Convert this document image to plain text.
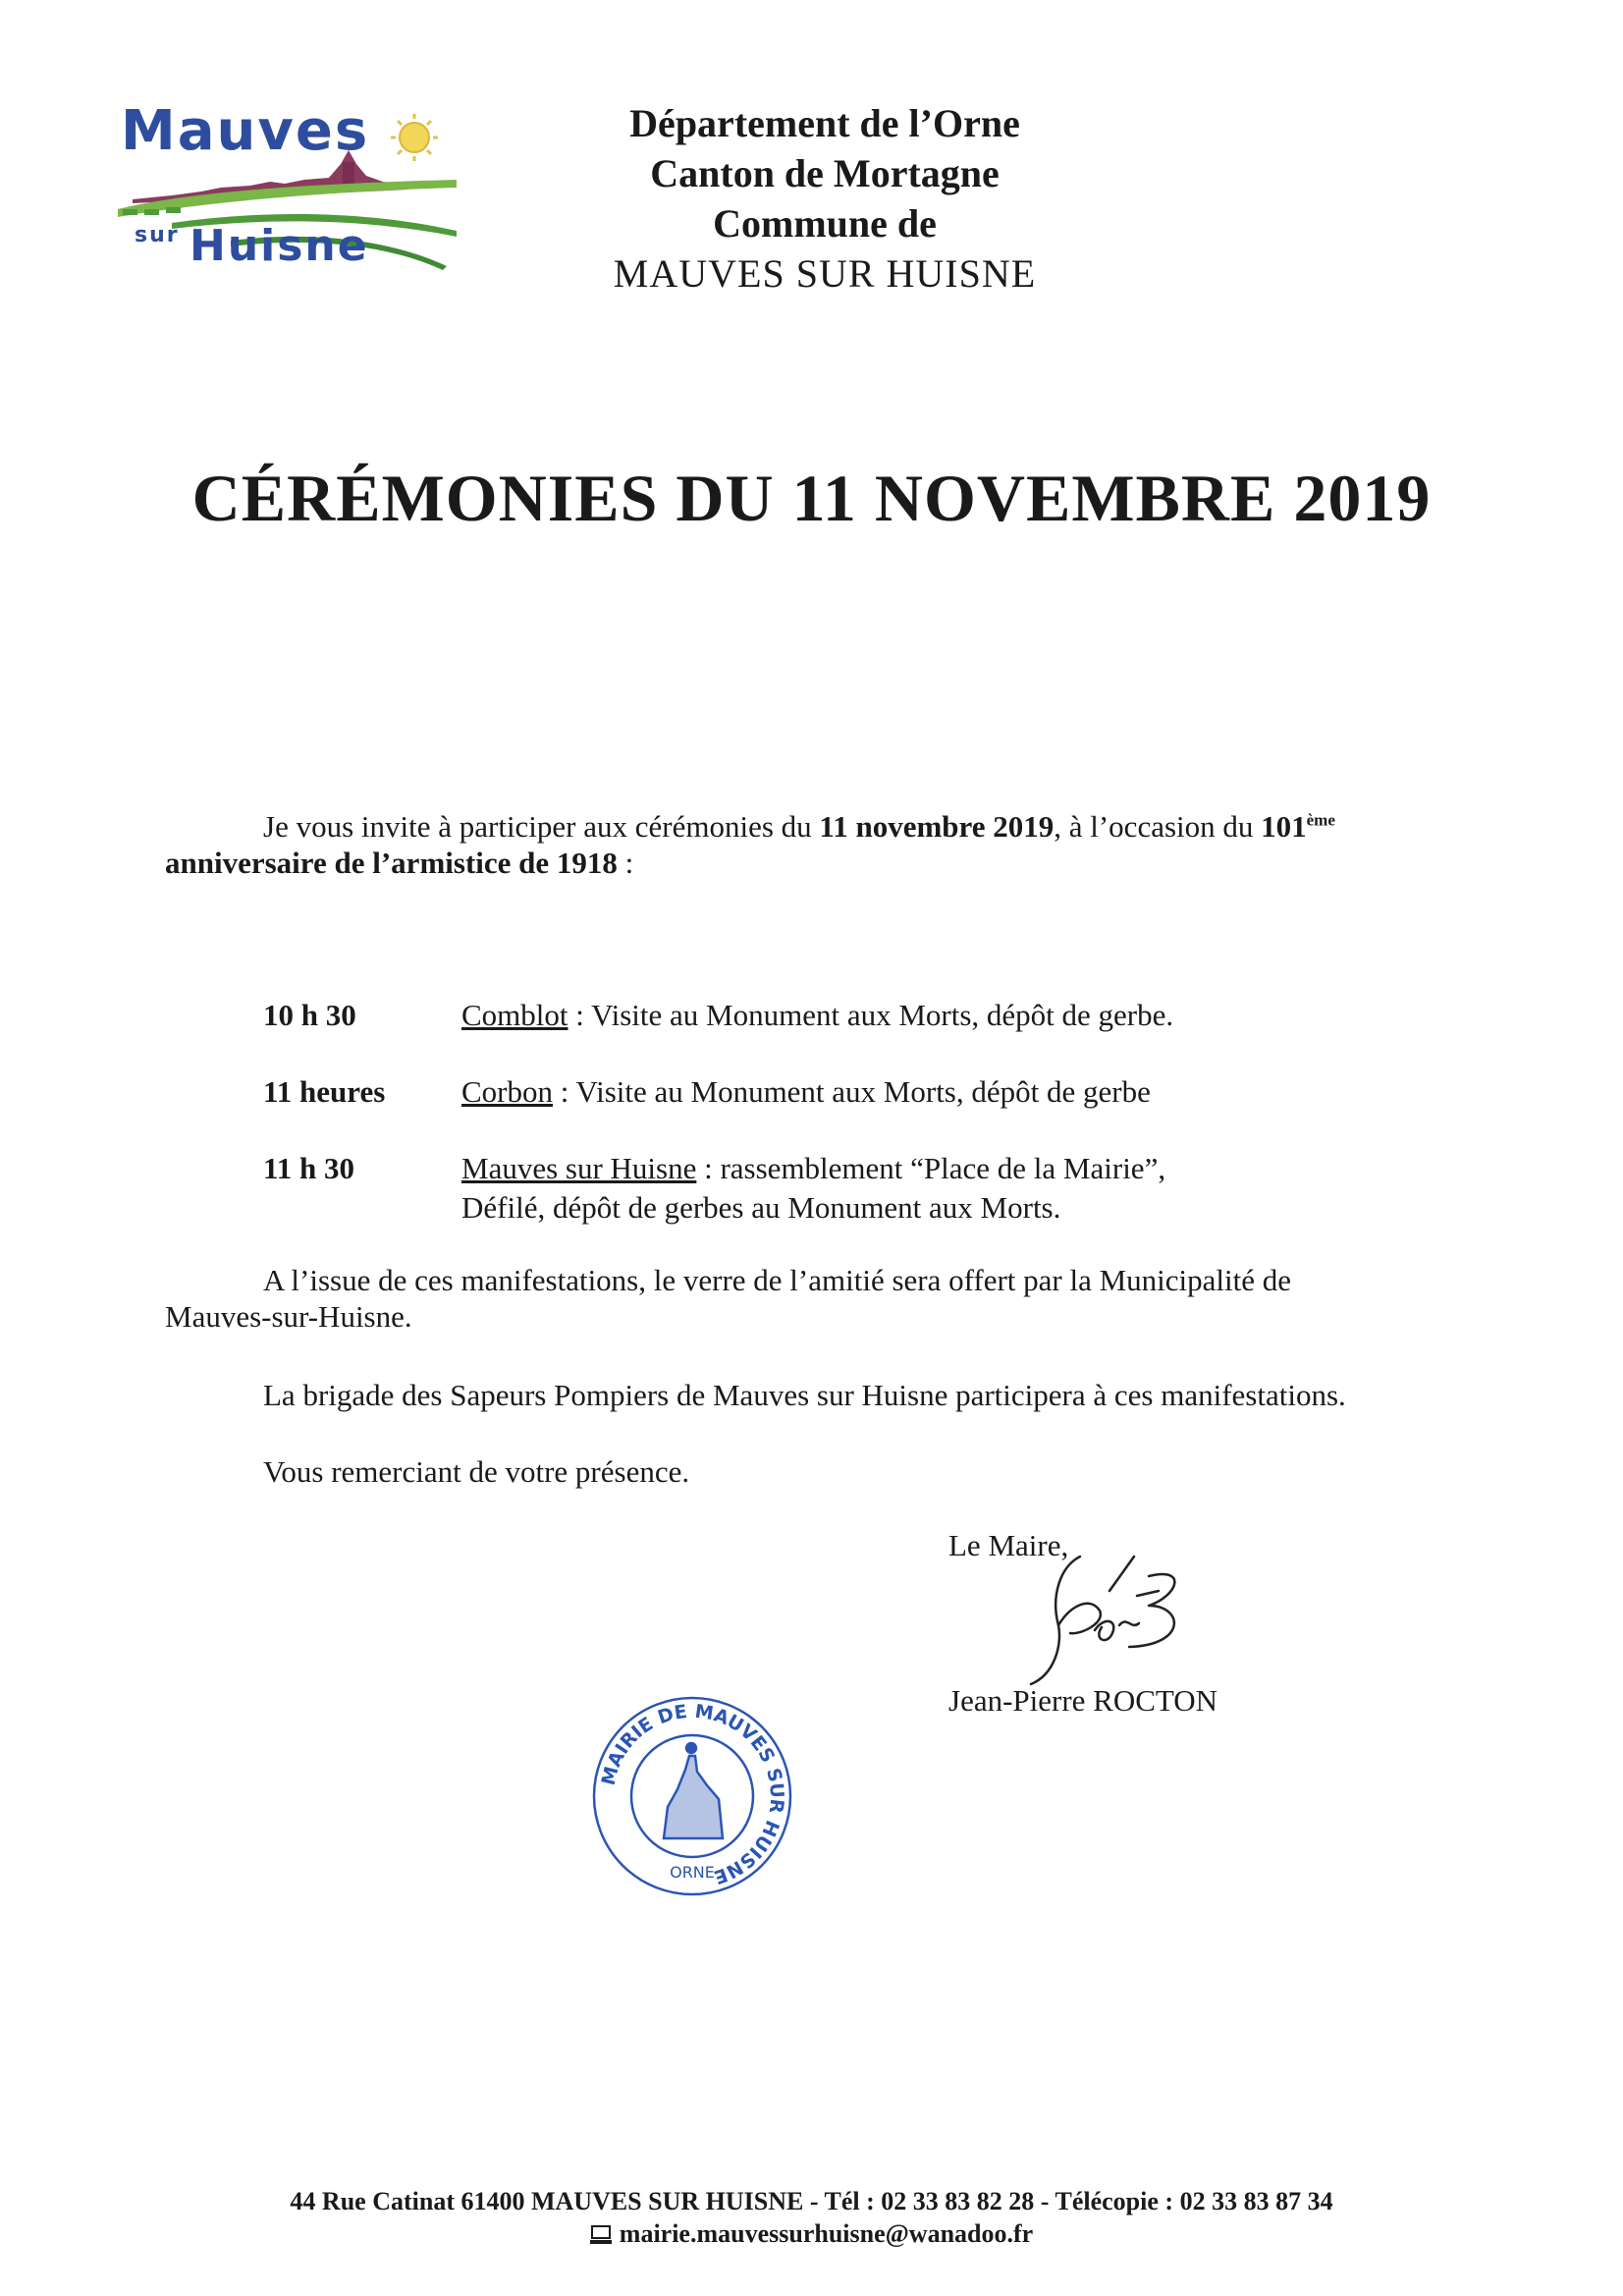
Mauves
sur Huisne
Département de l’Orne
Canton de Mortagne
Commune de
MAUVES SUR HUISNE
CÉRÉMONIES DU 11 NOVEMBRE 2019
Je vous invite à participer aux cérémonies du 11 novembre 2019, à l’occasion du 101ème
anniversaire de l’armistice de 1918 :
10 h 30	Comblot : Visite au Monument aux Morts, dépôt de gerbe.
11 heures	Corbon : Visite au Monument aux Morts, dépôt de gerbe
11 h 30	Mauves sur Huisne : rassemblement “Place de la Mairie”,
Défilé, dépôt de gerbes au Monument aux Morts.
A l’issue de ces manifestations, le verre de l’amitié sera offert par la Municipalité de
Mauves-sur-Huisne.
La brigade des Sapeurs Pompiers de Mauves sur Huisne participera à ces manifestations.
Vous remerciant de votre présence.
Le Maire,
Jean-Pierre ROCTON
MAIRIE DE MAUVES SUR HUISNE
ORNE
44 Rue Catinat 61400 MAUVES SUR HUISNE - Tél : 02 33 83 82 28 - Télécopie : 02 33 83 87 34
mairie.mauvessurhuisne@wanadoo.fr
